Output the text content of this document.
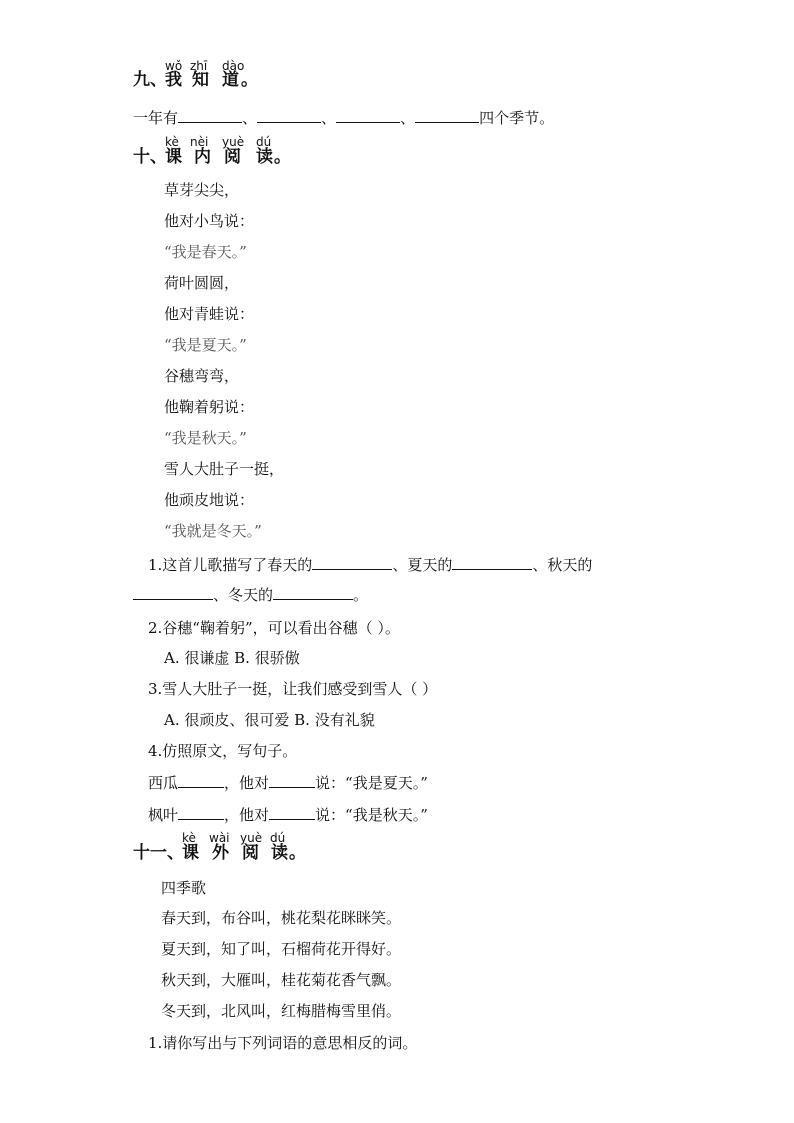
九、
wǒ zhī dào
我 知 道 。
一年有	、	、	、	四个季节。
十、
kè nèi yuè dú
课 内 阅 读 。
草芽尖尖，
他对小鸟说：
“我是春天。”
荷叶圆圆，
他对青蛙说：
“我是夏天。”
谷穗弯弯，
他鞠着躬说：
“我是秋天。”
雪人大肚子一挺，
他顽皮地说：
“我就是冬天。”
1.这首儿歌描写了春天的	、夏天的	、秋天的
、冬天的	。
2.谷穗“鞠着躬”，可以看出谷穗（ ）。
A. 很谦虚 B. 很骄傲
3.雪人大肚子一挺，让我们感受到雪人（ ）
A. 很顽皮、很可爱 B. 没有礼貌
4.仿照原文，写句子。
西瓜	，他对	说：“我是夏天。”
枫叶	，他对	说：“我是秋天。”
十一、
kè wài yuè dú
课 外 阅 读 。
四季歌
春天到，布谷叫，桃花梨花眯眯笑。
夏天到，知了叫，石榴荷花开得好。
秋天到，大雁叫，桂花菊花香气飘。
冬天到，北风叫，红梅腊梅雪里俏。
1.请你写出与下列词语的意思相反的词。
